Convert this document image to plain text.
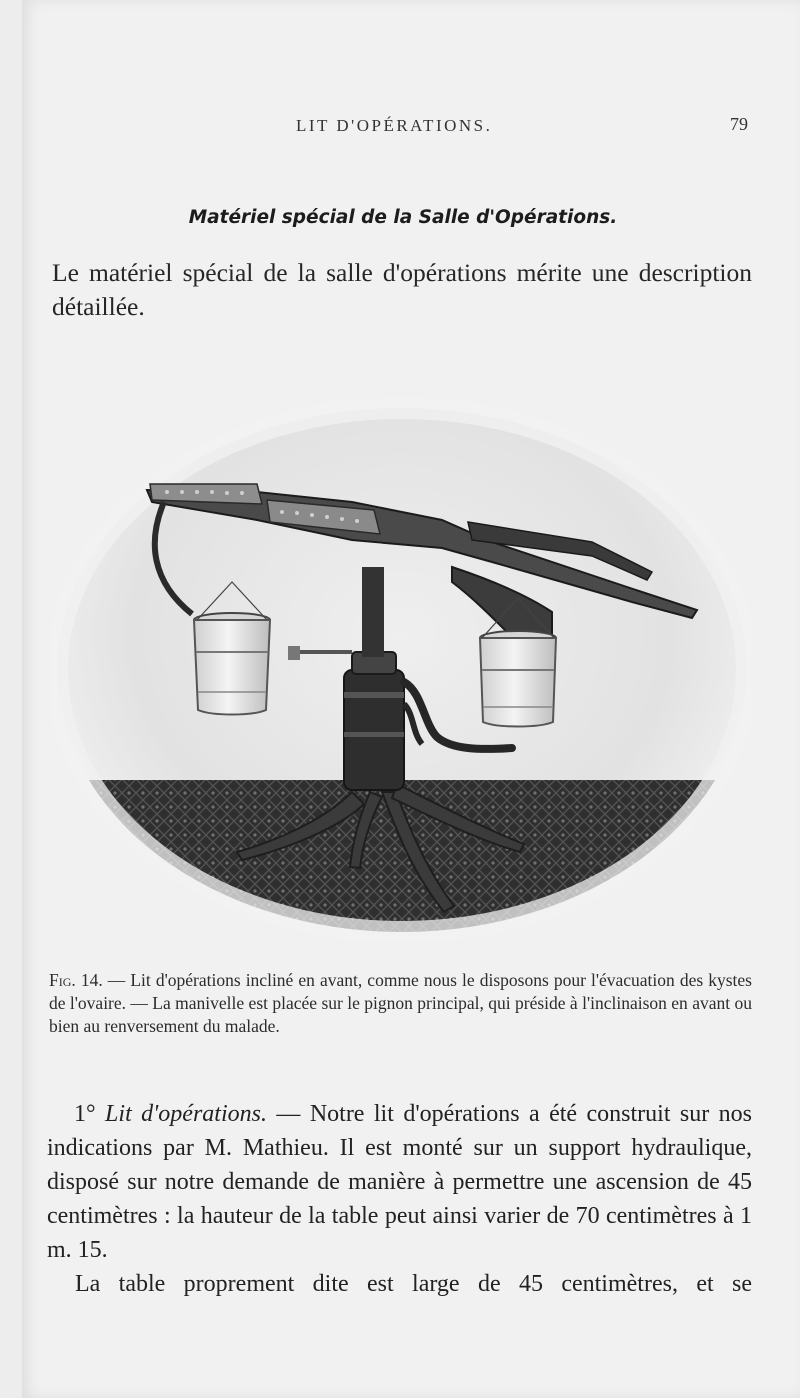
LIT D'OPÉRATIONS.	79
Matériel spécial de la Salle d'Opérations.
Le matériel spécial de la salle d'opérations mérite une description détaillée.
Fig. 14. — Lit d'opérations incliné en avant, comme nous le disposons pour l'évacuation des kystes de l'ovaire. — La manivelle est placée sur le pignon principal, qui préside à l'inclinaison en avant ou bien au renversement du malade.
1° Lit d'opérations. — Notre lit d'opérations a été construit sur nos indications par M. Mathieu. Il est monté sur un support hydraulique, disposé sur notre demande de manière à permettre une ascension de 45 centimètres : la hauteur de la table peut ainsi varier de 70 centimètres à 1 m. 15.
La table proprement dite est large de 45 centimètres, et se
